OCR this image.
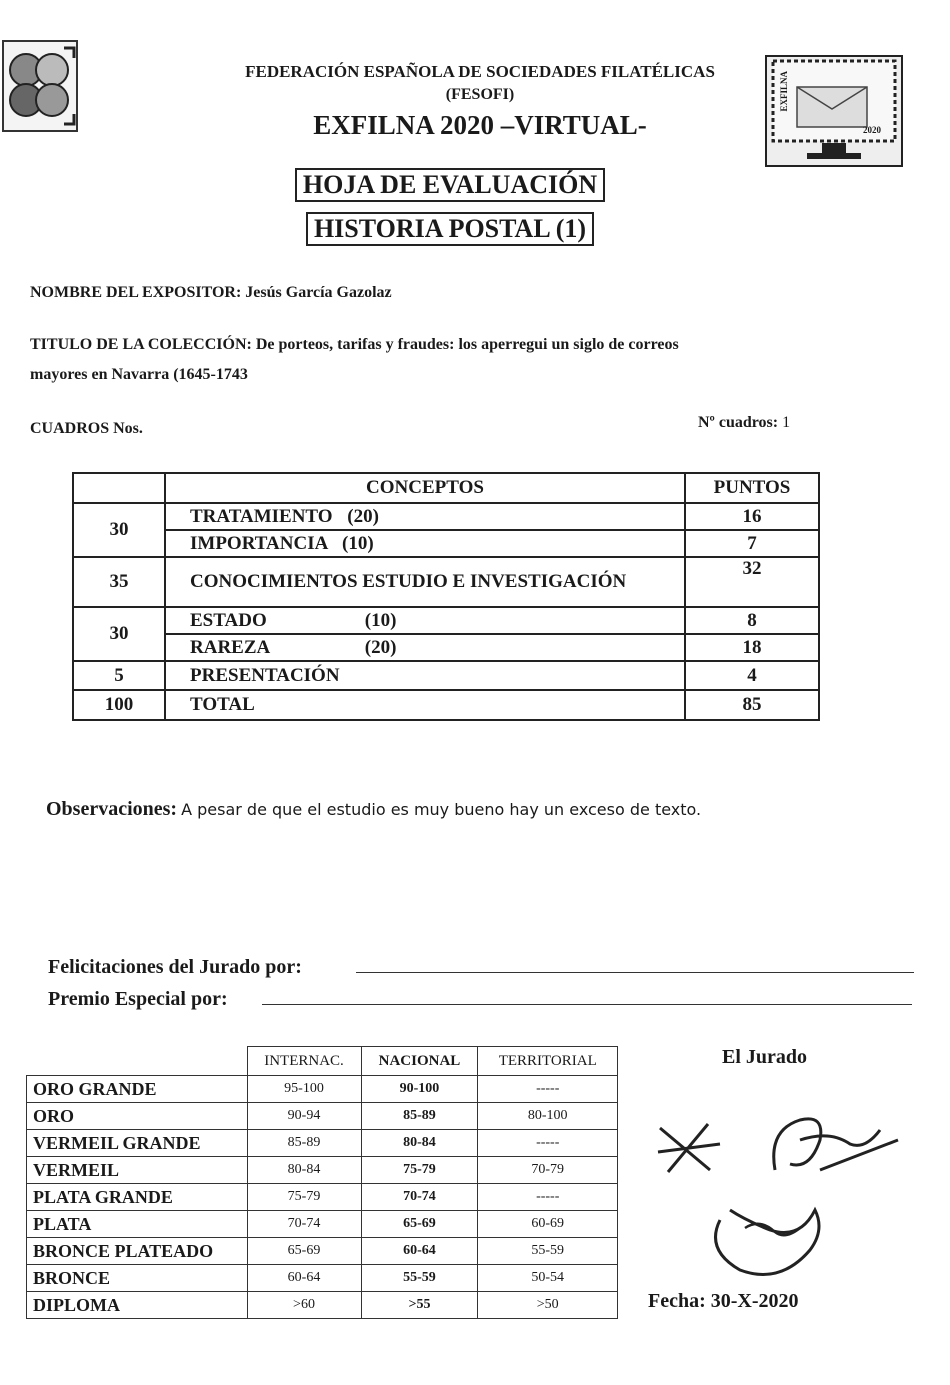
FEDERACIÓN ESPAÑOLA DE SOCIEDADES FILATÉLICAS
(FESOFI)
EXFILNA 2020 –VIRTUAL-
EXFILNA
2020
HOJA DE EVALUACIÓN
HISTORIA POSTAL (1)
NOMBRE DEL EXPOSITOR: Jesús García Gazolaz
TITULO DE LA COLECCIÓN: De porteos, tarifas y fraudes: los aperregui un siglo de correos
mayores en Navarra (1645-1743
CUADROS Nos.	Nº cuadros: 1
	CONCEPTOS	PUNTOS
30	TRATAMIENTO (20)	16
	IMPORTANCIA (10)	7
35	CONOCIMIENTOS ESTUDIO E INVESTIGACIÓN	32
30	ESTADO (10)	8
	RAREZA (20)	18
5	PRESENTACIÓN	4
100	TOTAL	85
Observaciones: A pesar de que el estudio es muy bueno hay un exceso de texto.
Felicitaciones del Jurado por:
Premio Especial por:
	INTERNAC.	NACIONAL	TERRITORIAL
ORO GRANDE	95-100	90-100	-----
ORO	90-94	85-89	80-100
VERMEIL GRANDE	85-89	80-84	-----
VERMEIL	80-84	75-79	70-79
PLATA GRANDE	75-79	70-74	-----
PLATA	70-74	65-69	60-69
BRONCE PLATEADO	65-69	60-64	55-59
BRONCE	60-64	55-59	50-54
DIPLOMA	>60	>55	>50
El Jurado
Fecha: 30-X-2020
